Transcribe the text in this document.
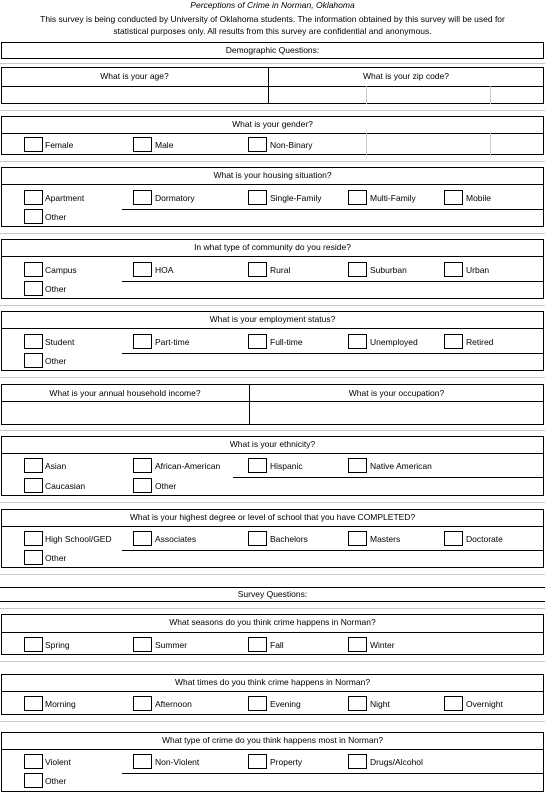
Perceptions of Crime in Norman, Oklahoma
This survey is being conducted by University of Oklahoma students. The information obtained by this survey will be used for
statistical purposes only. All results from this survey are confidential and anonymous.
Demographic Questions:
What is your age?	What is your zip code?
What is your gender?
Female	Male	Non-Binary
What is your housing situation?
Apartment	Dormatory	Single-Family	Multi-Family	Mobile
Other
In what type of community do you reside?
Campus	HOA	Rural	Suburban	Urban
Other
What is your employment status?
Student	Part-time	Full-time	Unemployed	Retired
Other
What is your annual household income?	What is your occupation?
What is your ethnicity?
Asian	African-American	Hispanic	Native American
Caucasian	Other
What is your highest degree or level of school that you have COMPLETED?
High School/GED	Associates	Bachelors	Masters	Doctorate
Other
Survey Questions:
What seasons do you think crime happens in Norman?
Spring	Summer	Fall	Winter
What times do you think crime happens in Norman?
Morning	Afternoon	Evening	Night	Overnight
What type of crime do you think happens most in Norman?
Violent	Non-Violent	Property	Drugs/Alcohol
Other
